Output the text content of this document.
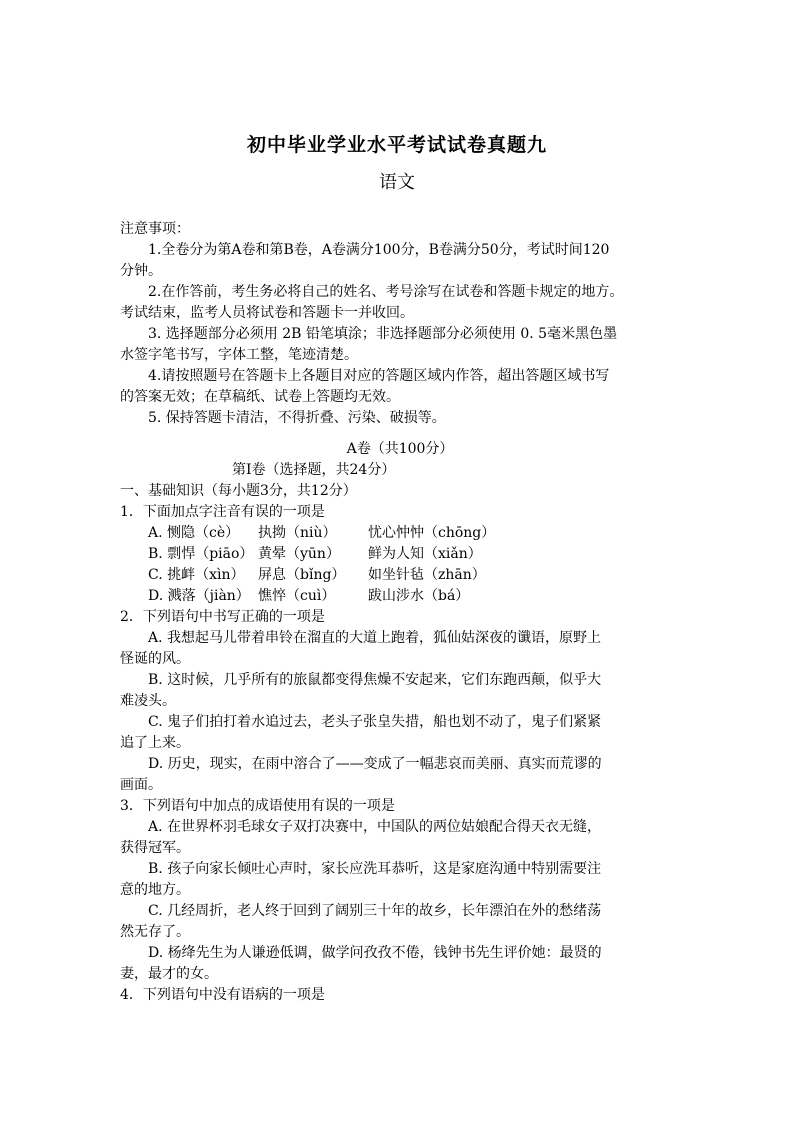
初中毕业学业水平考试试卷真题九
语文
注意事项：
1.全卷分为第A卷和第B卷，A卷满分100分，B卷满分50分，考试时间120
分钟。
2.在作答前，考生务必将自己的姓名、考号涂写在试卷和答题卡规定的地方。
考试结束，监考人员将试卷和答题卡一并收回。
3. 选择题部分必须用 2B 铅笔填涂；非选择题部分必须使用 0. 5毫米黑色墨
水签字笔书写，字体工整，笔迹清楚。
4.请按照题号在答题卡上各题目对应的答题区域内作答，超出答题区域书写
的答案无效；在草稿纸、试卷上答题均无效。
5. 保持答题卡清洁，不得折叠、污染、破损等。
A卷（共100分）
第Ⅰ卷（选择题，共24分）
一、基础知识（每小题3分，共12分）
1．下面加点字注音有误的一项是
A. 恻隐（cè） 执拗（niù） 忧心忡忡（chōng）
B. 剽悍（piāo） 黄晕（yūn） 鲜为人知（xiǎn）
C. 挑衅（xìn） 屏息（bǐng） 如坐针毡（zhān）
D. 溅落（jiàn） 憔悴（cuì） 跋山涉水（bá）
2．下列语句中书写正确的一项是
A. 我想起马儿带着串铃在溜直的大道上跑着，狐仙姑深夜的谶语，原野上
怪诞的风。
B. 这时候，几乎所有的旅鼠都变得焦燥不安起来，它们东跑西颠，似乎大
难凌头。
C. 鬼子们拍打着水追过去，老头子张皇失措，船也划不动了，鬼子们紧紧
追了上来。
D. 历史，现实，在雨中溶合了——变成了一幅悲哀而美丽、真实而荒谬的
画面。
3．下列语句中加点的成语使用有误的一项是
A. 在世界杯羽毛球女子双打决赛中，中国队的两位姑娘配合得天衣无缝，
获得冠军。
B. 孩子向家长倾吐心声时，家长应洗耳恭听，这是家庭沟通中特别需要注
意的地方。
C. 几经周折，老人终于回到了阔别三十年的故乡，长年漂泊在外的愁绪荡
然无存了。
D. 杨绛先生为人谦逊低调，做学问孜孜不倦，钱钟书先生评价她：最贤的
妻，最才的女。
4．下列语句中没有语病的一项是
